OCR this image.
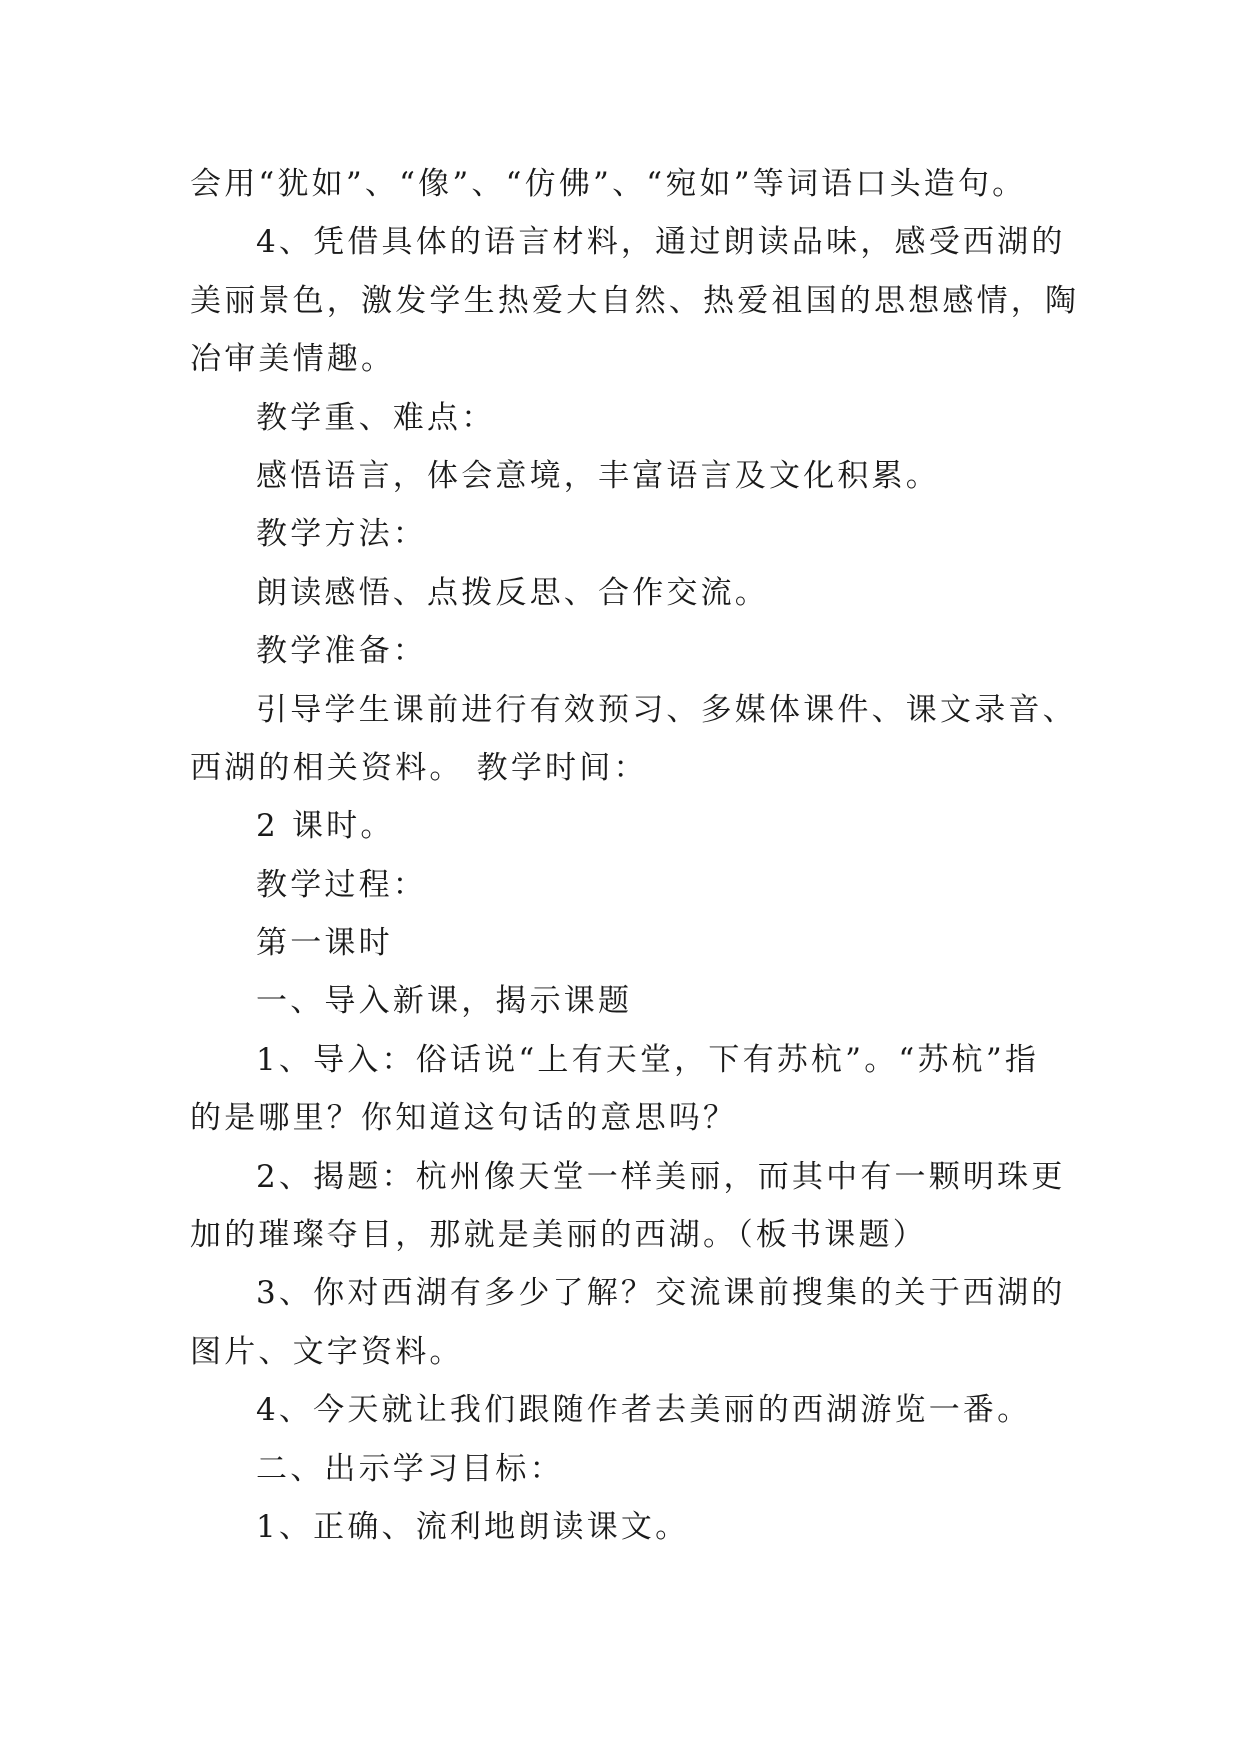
会用“犹如”、“像”、“仿佛”、“宛如”等词语口头造句。
4、凭借具体的语言材料，通过朗读品味，感受西湖的
美丽景色，激发学生热爱大自然、热爱祖国的思想感情，陶
冶审美情趣。
教学重、难点：
感悟语言，体会意境，丰富语言及文化积累。
教学方法：
朗读感悟、点拨反思、合作交流。
教学准备：
引导学生课前进行有效预习、多媒体课件、课文录音、
西湖的相关资料。 教学时间：
2 课时。
教学过程：
第一课时
一、导入新课，揭示课题
1、导入：俗话说“上有天堂，下有苏杭”。“苏杭”指
的是哪里？你知道这句话的意思吗？
2、揭题：杭州像天堂一样美丽，而其中有一颗明珠更
加的璀璨夺目，那就是美丽的西湖。（板书课题）
3、你对西湖有多少了解？交流课前搜集的关于西湖的
图片、文字资料。
4、今天就让我们跟随作者去美丽的西湖游览一番。
二、出示学习目标：
1、正确、流利地朗读课文。
